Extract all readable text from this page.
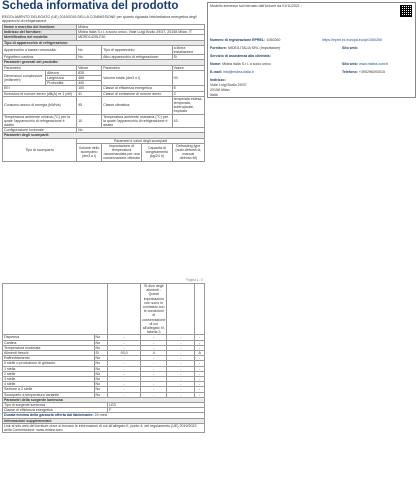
Scheda informativa del prodotto
REGOLAMENTO DELEGATO (UE) 2019/2016 DELLA COMMISSIONE per quanto riguarda l'etichettatura energetica degli apparecchi di refrigerazione
Modello immesso sul mercato dall'Unione da 01/11/2021 :
Numero di registrazione EPREL: 1060260	https://eprel.ec.europa.eu/qr/1060260
Fornitore: MIDEA ITALIA SRL (Importatore)	Sito web:
Servizio di assistenza alla clientela:
Nome: Midea Italia S.r.l. a socio unico	Sito web: www.midea.com/it
E-mail: info@midea-italia.it	Telefono: +390296393015
Indirizzo:
Viale Luigi Bodio 29/37
20158 Milan
Italia
Nome o marchio del fornitore:		Midea			
Indirizzo del fornitore:		Midea Italia S.r.l. a socio unico, Viale Luigi Bodio 29/37, 20158 Milan, IT			
Identificativo del modello:		MDRD142SLF30			
Tipo di apparecchio di refrigerazione:					
Apparecchio a basse rumorosità:		No	Tipo di apparecchio:		a libera installazione
Frigorifero cantina:		No	Altro apparecchio di refrigerazione:		Sì
Parametri generali del prodotto:					
Parametro		Valore	Parametro		Valore
Dimensioni complessive (millimetri)	Altezza	835	Volume totale (dm3 o l)		93
	Larghezza	468			
	Profondità	440			
EEI		100	Classe di efficienza energetica		E
Emissioni di rumore aereo (dB(A) re 1 pW)		41	Classe di emissione di rumore aereo		C
Consumo annuo di energia (kWh/a)		95	Classe climatica:		temperata estesa, temperata, subtropicale, tropicale
Temperatura ambiente minima (°C) per la quale l'apparecchio di refrigerazione è adatto		10	Temperatura ambiente massima (°C) per la quale l'apparecchio di refrigerazione è adatto		43
Configurazione invernale		No			
Parametri degli scomparti:					
Tipo di scomparto		Parametri e valori degli scomparti			
		Volume dello scomparto (dm3 o l)	Impostazione di temperatura raccomandata per una conservazione ottimale	Capacità di congelamento (kg/24 h)	Defrosting type (auto-defrost=A, manual defrost=M)
Pagina 1 / 2
			Si dice degli alimenti - Questi impostazioni non sono in contrasto con le condizioni di conservazione di cui all'allegato IV, tabella 3		
Dispensa	No	-	-	-	-
Cantina	No	-	-	-	-
Temperatura moderata	No	-	-	-	-
Alimenti freschi	Sì	93,0	4	-	A
Raffreddamento	No	-	-	-	-
0 stelle o produzione di ghiaccio	No	-	-	-	-
1 stella	No	-	-	-	-
2 stelle	No	-	-	-	-
3 stelle	No	-	-	-	-
4 stelle	No	-	-	-	-
Sezione a 2 stelle	No	-	-	-	-
Scomparto a temperatura variabile	No	-	-	-	-
Parametri della sorgente luminosa					
Tipo di sorgente luminosa		LED			
Classe di efficienza energetica		F			
Durata minima della garanzia offerta dal fabbricante: 24 mesi					
Informazioni supplementari:					
Link al sito web del fornitore dove si trovano le informazioni di cui all'allegato II, punto 4, del regolamento (UE) 2019/2023 della Commissione: www.midea.com					
